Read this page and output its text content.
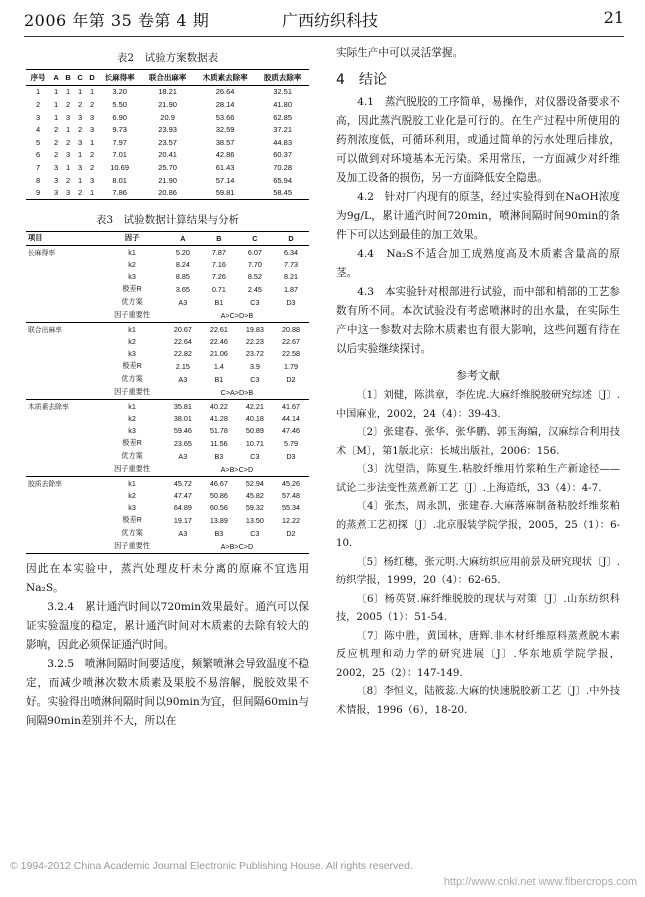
2006 年第 35 卷第 4 期	广西纺织科技	21
表2　试验方案数据表
序号	A	B	C	D	长麻得率	联合出麻率	木质素去除率	胶质去除率
1	1	1	1	1	3.20	18.21	26.64	32.51
2	1	2	2	2	5.50	21.90	28.14	41.80
3	1	3	3	3	6.90	20.9	53.66	62.85
4	2	1	2	3	9.73	23.93	32.59	37.21
5	2	2	3	1	7.97	23.57	38.57	44.83
6	2	3	1	2	7.01	20.41	42.86	60.37
7	3	1	3	2	10.69	25.70	61.43	70.28
8	3	2	1	3	8.01	21.90	57.14	65.94
9	3	3	2	1	7.86	20.86	59.81	58.45
表3　试验数据计算结果与分析
项目	因子	A	B	C	D
长麻得率	k1	5.20	7.87	6.07	6.34
	k2	8.24	7.16	7.70	7.73
	k3	8.85	7.26	8.52	8.21
	极差R	3.65	0.71	2.45	1.87
	优方案	A3	B1	C3	D3
	因子重要性	A>C>D>B			
联合出麻率	k1	20.67	22.61	19.83	20.88
	k2	22.64	22.46	22.23	22.67
	k3	22.82	21.06	23.72	22.58
	极差R	2.15	1.4	3.9	1.79
	优方案	A3	B1	C3	D2
	因子重要性	C>A>D>B			
木质素去除率	k1	35.81	40.22	42.21	41.67
	k2	38.01	41.28	40.18	44.14
	k3	59.46	51.78	50.89	47.46
	极差R	23.65	11.56	10.71	5.79
	优方案	A3	B3	C3	D3
	因子重要性	A>B>C>D			
胶质去除率	k1	45.72	46.67	52.94	45.26
	k2	47.47	50.86	45.82	57.48
	k3	64.89	60.56	59.32	55.34
	极差R	19.17	13.89	13.50	12.22
	优方案	A3	B3	C3	D2
	因子重要性	A>B>C>D			

因此在本实验中，蒸汽处理皮杆未分离的原麻不宜选用Na₂S。

3.2.4　累计通汽时间以720min效果最好。通汽可以保证实验温度的稳定，累计通汽时间对木质素的去除有较大的影响，因此必须保证通汽时间。

3.2.5　喷淋间隔时间要适度，频繁喷淋会导致温度不稳定，而减少喷淋次数木质素及果胶不易溶解，脱胶效果不好。实验得出喷淋间隔时间以90min为宜，但间隔60min与间隔90min差别并不大，所以在

实际生产中可以灵活掌握。

4　结论

4.1　蒸汽脱胶的工序简单，易操作，对仪器设备要求不高，因此蒸汽脱胶工业化是可行的。在生产过程中所使用的药剂浓度低，可循环利用，或通过简单的污水处理后排放，可以做到对环境基本无污染。采用常压，一方面减少对纤维及加工设备的损伤，另一方面降低安全隐患。

4.2　针对厂内现有的原茎，经过实验得到在NaOH浓度为9g/L，累计通汽时间720min，喷淋间隔时间90min的条件下可以达到最佳的加工效果。

4.4　Na₂S不适合加工成熟度高及木质素含量高的原茎。

4.3　本实验针对根部进行试验，而中部和梢部的工艺参数有所不同。本次试验没有考虑喷淋时的出水量，在实际生产中这一参数对去除木质素也有很大影响，这些问题有待在以后实验继续探讨。

参考文献

〔1〕刘健，陈洪章，李佐虎.大麻纤维脱胶研究综述〔J〕.中国麻业，2002，24（4）：39-43.

〔2〕张建春、张华、张华鹏、郭玉海编，汉麻综合利用技术〔M〕，第1版北京：长城出版社，2006：156.

〔3〕沈望浩，陈夏生.粘胶纤维用竹浆粕生产新途径——试论二步法变性蒸煮新工艺〔J〕.上海造纸，33（4）：4-7.

〔4〕张杰，周永凯，张建春.大麻落麻制备粘胶纤维浆粕的蒸煮工艺初探〔J〕.北京服装学院学报，2005，25（1）：6-10.

〔5〕杨红穗，张元明.大麻纺织应用前景及研究现状〔J〕.纺织学报，1999，20（4）：62-65.

〔6〕杨英贤.麻纤维脱胶的现状与对策〔J〕.山东纺织科技，2005（1）：51-54.

〔7〕陈中胜，黄国林，唐辉.非木材纤维原料蒸煮脱木素反应机理和动力学的研究进展〔J〕.华东地质学院学报，2002，25（2）：147-149.

〔8〕李恒义，陆筱蕊.大麻的快速脱胶新工艺〔J〕.中外技术情报，1996（6），18-20.

© 1994-2012 China Academic Journal Electronic Publishing House. All rights reserved.
http://www.cnki.net www.fibercrops.com
